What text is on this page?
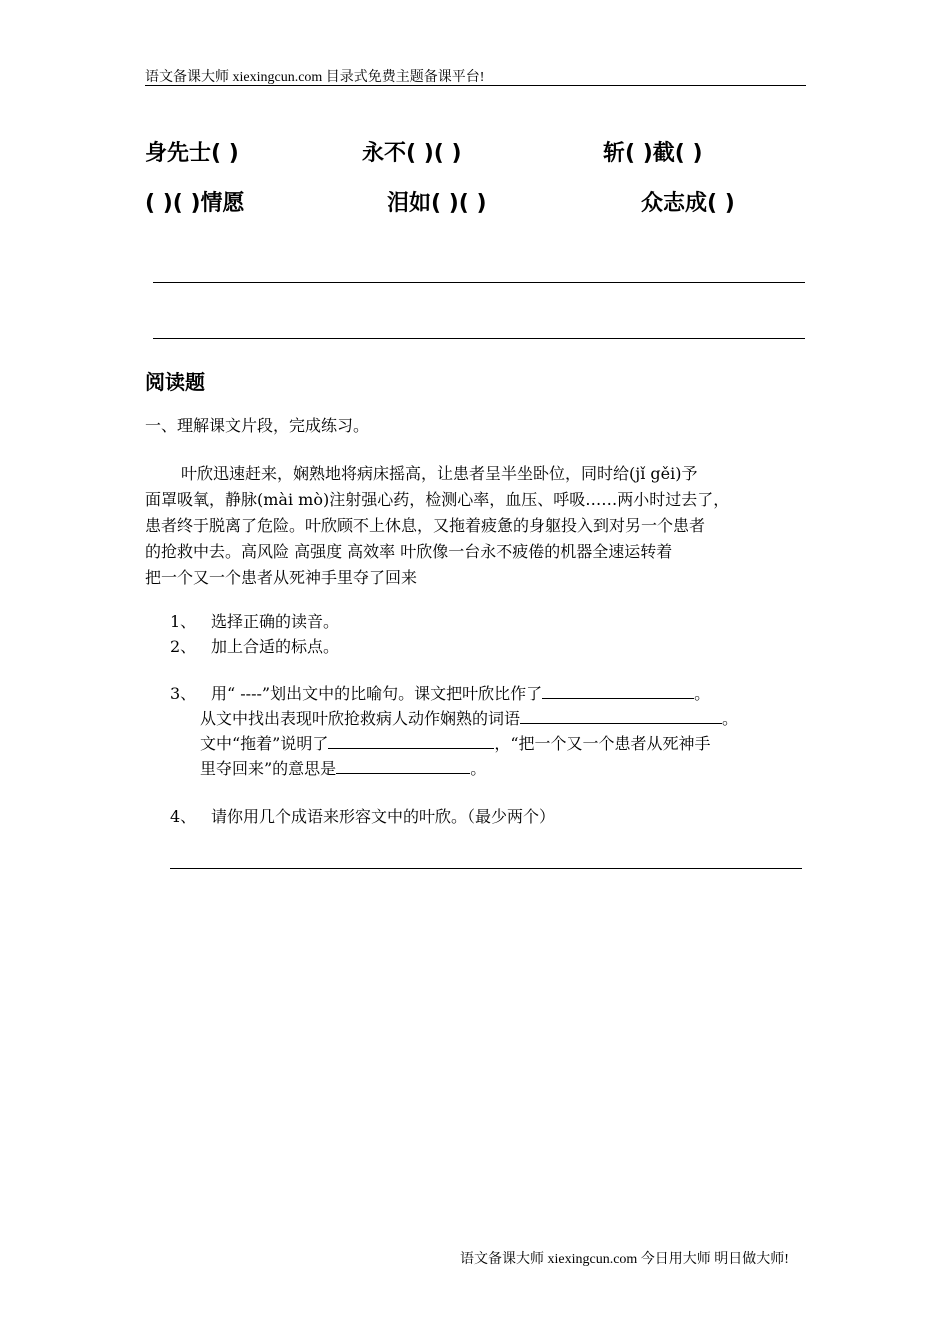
语文备课大师 xiexingcun.com 目录式免费主题备课平台!
身先士( )	永不( )( )	斩( )截( )
( )( )情愿	泪如( )( )	众志成( )
阅读题
一、理解课文片段，完成练习。

叶欣迅速赶来，娴熟地将病床摇高，让患者呈半坐卧位，同时给(jǐ gěi)予

面罩吸氧，静脉(mài mò)注射强心药，检测心率，血压、呼吸……两小时过去了，

患者终于脱离了危险。叶欣顾不上休息，又拖着疲惫的身躯投入到对另一个患者

的抢救中去。高风险 高强度 高效率 叶欣像一台永不疲倦的机器全速运转着

把一个又一个患者从死神手里夺了回来

1、 选择正确的读音。
2、 加上合适的标点。

3、 用“ ----”划出文中的比喻句。课文把叶欣比作了	。

从文中找出表现叶欣抢救病人动作娴熟的词语	。

文中“拖着”说明了	，“把一个又一个患者从死神手

里夺回来”的意思是	。

4、 请你用几个成语来形容文中的叶欣。（最少两个）
语文备课大师 xiexingcun.com 今日用大师 明日做大师!
